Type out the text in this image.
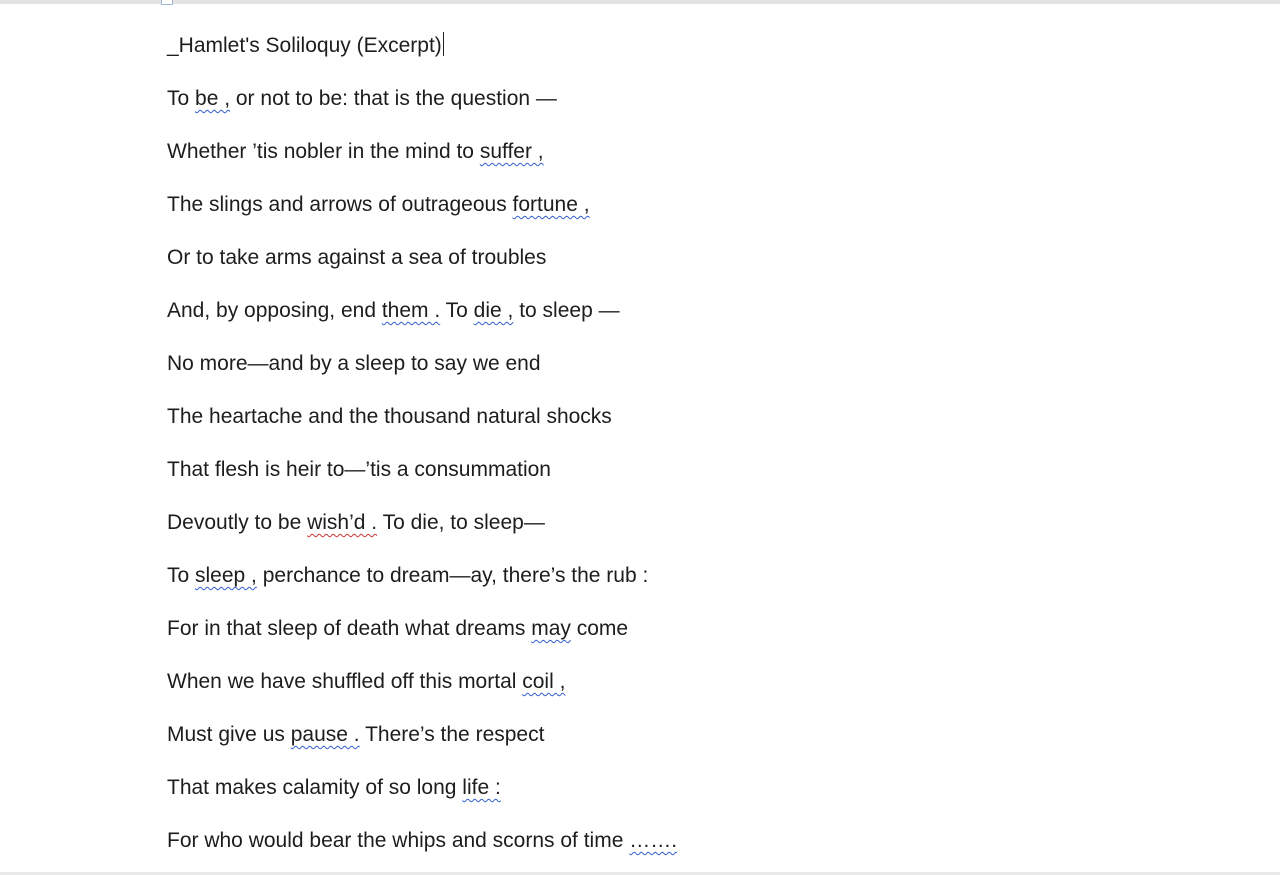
_Hamlet's Soliloquy (Excerpt)
To be , or not to be: that is the question —
Whether ’tis nobler in the mind to suffer ,
The slings and arrows of outrageous fortune ,
Or to take arms against a sea of troubles
And, by opposing, end them . To die , to sleep —
No more—and by a sleep to say we end
The heartache and the thousand natural shocks
That flesh is heir to—’tis a consummation
Devoutly to be wish’d . To die, to sleep—
To sleep , perchance to dream—ay, there’s the rub :
For in that sleep of death what dreams may come
When we have shuffled off this mortal coil ,
Must give us pause . There’s the respect
That makes calamity of so long life :
For who would bear the whips and scorns of time …….
